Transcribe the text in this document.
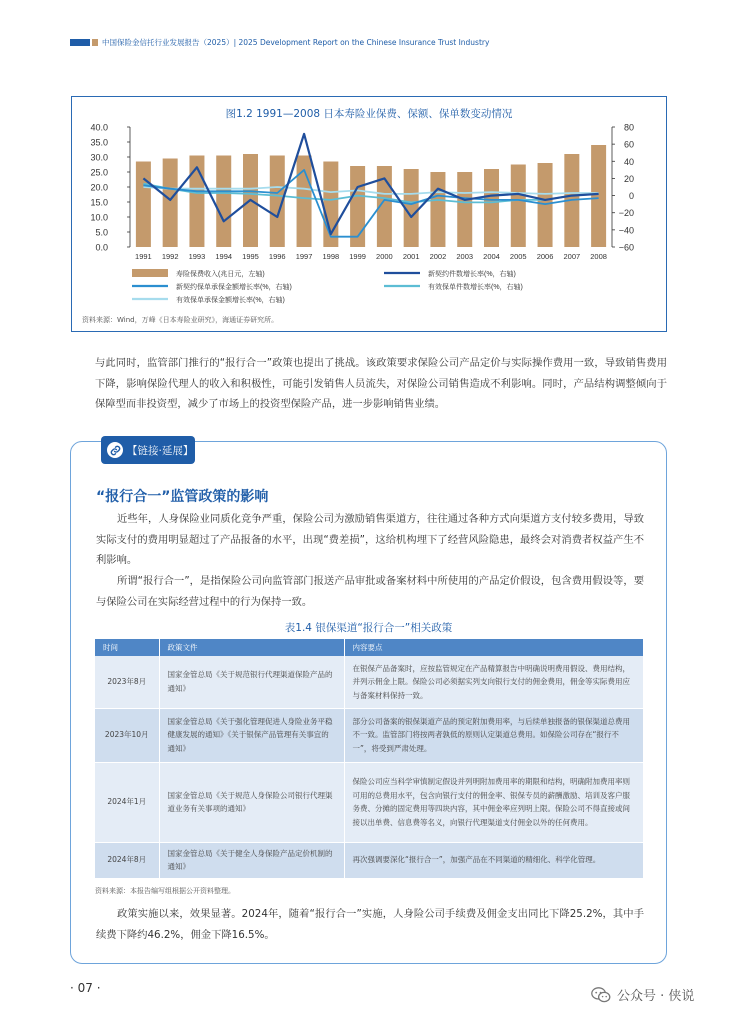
中国保险金信托行业发展报告（2025）| 2025 Development Report on the Chinese Insurance Trust Industry
图1.2 1991—2008 日本寿险业保费、保额、保单数变动情况
0.0
5.0
10.0
15.0
20.0
25.0
30.0
35.0
40.0
−60
−40
−20
0
20
40
60
80
1991 1992 1993 1994 1995 1996 1997 1998 1999 2000 2001 2002 2003 2004 2005 2006 2007 2008
寿险保费收入(兆日元，左轴)	新契约件数增长率(%，右轴)
新契约保单承保金额增长率(%，右轴)	有效保单件数增长率(%，右轴)
有效保单承保金额增长率(%，右轴)
资料来源：Wind，万峰《日本寿险业研究》，海通证券研究所。
与此同时，监管部门推行的“报行合一”政策也提出了挑战。该政策要求保险公司产品定价与实际操作费用一致，导致销售费用下降，影响保险代理人的收入和积极性，可能引发销售人员流失，对保险公司销售造成不利影响。同时，产品结构调整倾向于保障型而非投资型，减少了市场上的投资型保险产品，进一步影响销售业绩。
【链接·延展】
“报行合一”监管政策的影响
近些年，人身保险业同质化竞争严重，保险公司为激励销售渠道方，往往通过各种方式向渠道方支付较多费用，导致实际支付的费用明显超过了产品报备的水平，出现“费差损”，这给机构埋下了经营风险隐患，最终会对消费者权益产生不利影响。
所谓“报行合一”，是指保险公司向监管部门报送产品审批或备案材料中所使用的产品定价假设，包含费用假设等，要与保险公司在实际经营过程中的行为保持一致。
表1.4 银保渠道“报行合一”相关政策
时间	政策文件	内容要点
2023年8月	国家金管总局《关于规范银行代理渠道保险产品的通知》	在银保产品备案时，应按监管规定在产品精算报告中明确说明费用假设、费用结构，并列示佣金上限。保险公司必须据实列支向银行支付的佣金费用，佣金等实际费用应与备案材料保持一致。
2023年10月	国家金管总局《关于强化管理促进人身险业务平稳健康发展的通知》《关于银保产品管理有关事宜的通知》	部分公司备案的银保渠道产品的预定附加费用率，与后续单独报备的银保渠道总费用不一致。监管部门将按两者孰低的原则认定渠道总费用。如保险公司存在“报行不一”，将受到严肃处理。
2024年1月	国家金管总局《关于规范人身保险公司银行代理渠道业务有关事项的通知》	保险公司应当科学审慎制定假设并列明附加费用率的期限和结构，明确附加费用率则可用的总费用水平，包含向银行支付的佣金率、银保专员的薪酬激励、培训及客户服务费、分摊的固定费用等四块内容，其中佣金率应列明上限。保险公司不得直接或间接以出单费、信息费等名义，向银行代理渠道支付佣金以外的任何费用。
2024年8月	国家金管总局《关于健全人身保险产品定价机制的通知》	再次强调要深化“报行合一”，加强产品在不同渠道的精细化、科学化管理。
资料来源：本报告编写组根据公开资料整理。
政策实施以来，效果显著。2024年，随着“报行合一”实施，人身险公司手续费及佣金支出同比下降25.2%，其中手续费下降约46.2%，佣金下降16.5%。
· 07 ·
公众号 · 侠说
